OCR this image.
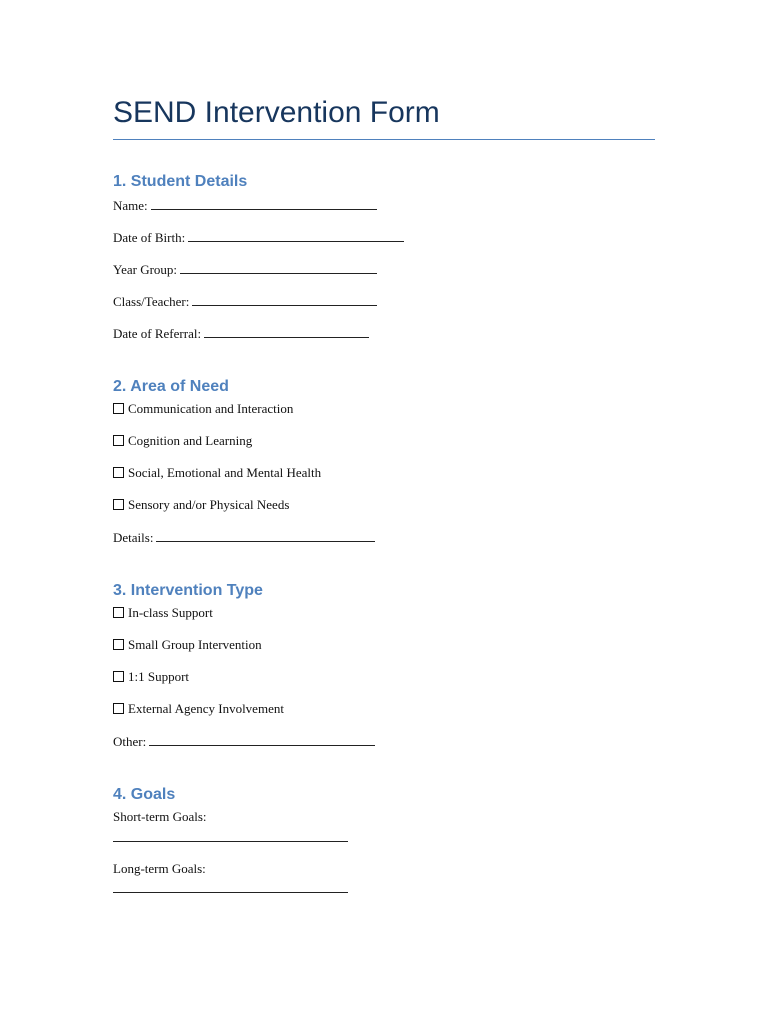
SEND Intervention Form
1. Student Details
Name:
Date of Birth:
Year Group:
Class/Teacher:
Date of Referral:
2. Area of Need
Communication and Interaction
Cognition and Learning
Social, Emotional and Mental Health
Sensory and/or Physical Needs
Details:
3. Intervention Type
In-class Support
Small Group Intervention
1:1 Support
External Agency Involvement
Other:
4. Goals
Short-term Goals:
Long-term Goals:
